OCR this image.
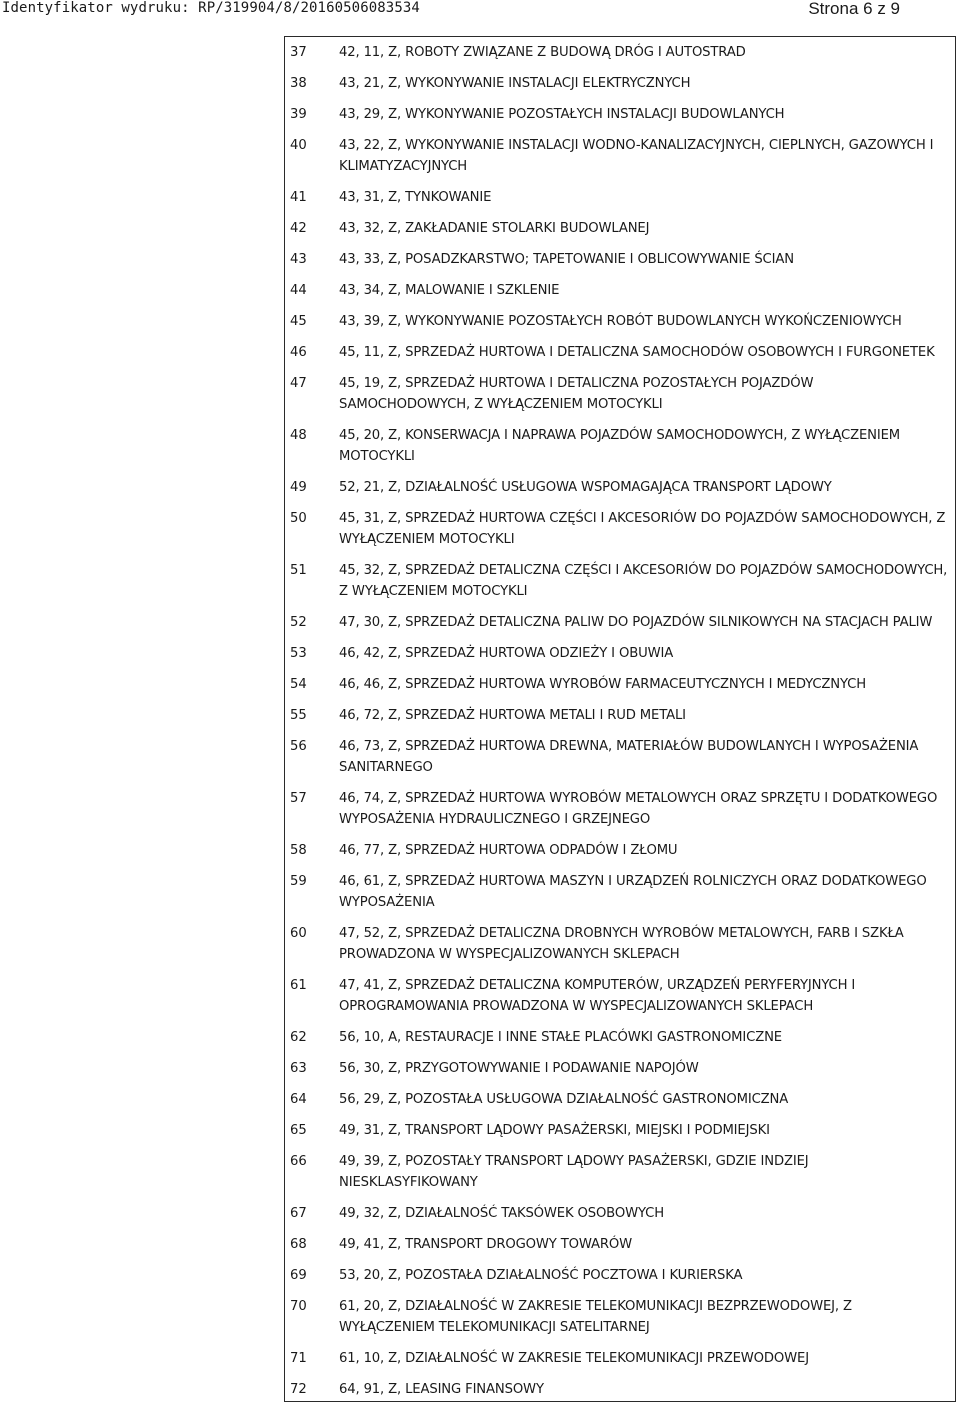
Identyfikator wydruku: RP/319904/8/20160506083534	Strona 6 z 9
37	42, 11, Z, ROBOTY ZWIĄZANE Z BUDOWĄ DRÓG I AUTOSTRAD
38	43, 21, Z, WYKONYWANIE INSTALACJI ELEKTRYCZNYCH
39	43, 29, Z, WYKONYWANIE POZOSTAŁYCH INSTALACJI BUDOWLANYCH
40	43, 22, Z, WYKONYWANIE INSTALACJI WODNO-KANALIZACYJNYCH, CIEPLNYCH, GAZOWYCH I
KLIMATYZACYJNYCH
41	43, 31, Z, TYNKOWANIE
42	43, 32, Z, ZAKŁADANIE STOLARKI BUDOWLANEJ
43	43, 33, Z, POSADZKARSTWO; TAPETOWANIE I OBLICOWYWANIE ŚCIAN
44	43, 34, Z, MALOWANIE I SZKLENIE
45	43, 39, Z, WYKONYWANIE POZOSTAŁYCH ROBÓT BUDOWLANYCH WYKOŃCZENIOWYCH
46	45, 11, Z, SPRZEDAŻ HURTOWA I DETALICZNA SAMOCHODÓW OSOBOWYCH I FURGONETEK
47	45, 19, Z, SPRZEDAŻ HURTOWA I DETALICZNA POZOSTAŁYCH POJAZDÓW
SAMOCHODOWYCH, Z WYŁĄCZENIEM MOTOCYKLI
48	45, 20, Z, KONSERWACJA I NAPRAWA POJAZDÓW SAMOCHODOWYCH, Z WYŁĄCZENIEM
MOTOCYKLI
49	52, 21, Z, DZIAŁALNOŚĆ USŁUGOWA WSPOMAGAJĄCA TRANSPORT LĄDOWY
50	45, 31, Z, SPRZEDAŻ HURTOWA CZĘŚCI I AKCESORIÓW DO POJAZDÓW SAMOCHODOWYCH, Z
WYŁĄCZENIEM MOTOCYKLI
51	45, 32, Z, SPRZEDAŻ DETALICZNA CZĘŚCI I AKCESORIÓW DO POJAZDÓW SAMOCHODOWYCH,
Z WYŁĄCZENIEM MOTOCYKLI
52	47, 30, Z, SPRZEDAŻ DETALICZNA PALIW DO POJAZDÓW SILNIKOWYCH NA STACJACH PALIW
53	46, 42, Z, SPRZEDAŻ HURTOWA ODZIEŻY I OBUWIA
54	46, 46, Z, SPRZEDAŻ HURTOWA WYROBÓW FARMACEUTYCZNYCH I MEDYCZNYCH
55	46, 72, Z, SPRZEDAŻ HURTOWA METALI I RUD METALI
56	46, 73, Z, SPRZEDAŻ HURTOWA DREWNA, MATERIAŁÓW BUDOWLANYCH I WYPOSAŻENIA
SANITARNEGO
57	46, 74, Z, SPRZEDAŻ HURTOWA WYROBÓW METALOWYCH ORAZ SPRZĘTU I DODATKOWEGO
WYPOSAŻENIA HYDRAULICZNEGO I GRZEJNEGO
58	46, 77, Z, SPRZEDAŻ HURTOWA ODPADÓW I ZŁOMU
59	46, 61, Z, SPRZEDAŻ HURTOWA MASZYN I URZĄDZEŃ ROLNICZYCH ORAZ DODATKOWEGO
WYPOSAŻENIA
60	47, 52, Z, SPRZEDAŻ DETALICZNA DROBNYCH WYROBÓW METALOWYCH, FARB I SZKŁA
PROWADZONA W WYSPECJALIZOWANYCH SKLEPACH
61	47, 41, Z, SPRZEDAŻ DETALICZNA KOMPUTERÓW, URZĄDZEŃ PERYFERYJNYCH I
OPROGRAMOWANIA PROWADZONA W WYSPECJALIZOWANYCH SKLEPACH
62	56, 10, A, RESTAURACJE I INNE STAŁE PLACÓWKI GASTRONOMICZNE
63	56, 30, Z, PRZYGOTOWYWANIE I PODAWANIE NAPOJÓW
64	56, 29, Z, POZOSTAŁA USŁUGOWA DZIAŁALNOŚĆ GASTRONOMICZNA
65	49, 31, Z, TRANSPORT LĄDOWY PASAŻERSKI, MIEJSKI I PODMIEJSKI
66	49, 39, Z, POZOSTAŁY TRANSPORT LĄDOWY PASAŻERSKI, GDZIE INDZIEJ
NIESKLASYFIKOWANY
67	49, 32, Z, DZIAŁALNOŚĆ TAKSÓWEK OSOBOWYCH
68	49, 41, Z, TRANSPORT DROGOWY TOWARÓW
69	53, 20, Z, POZOSTAŁA DZIAŁALNOŚĆ POCZTOWA I KURIERSKA
70	61, 20, Z, DZIAŁALNOŚĆ W ZAKRESIE TELEKOMUNIKACJI BEZPRZEWODOWEJ, Z
WYŁĄCZENIEM TELEKOMUNIKACJI SATELITARNEJ
71	61, 10, Z, DZIAŁALNOŚĆ W ZAKRESIE TELEKOMUNIKACJI PRZEWODOWEJ
72	64, 91, Z, LEASING FINANSOWY
